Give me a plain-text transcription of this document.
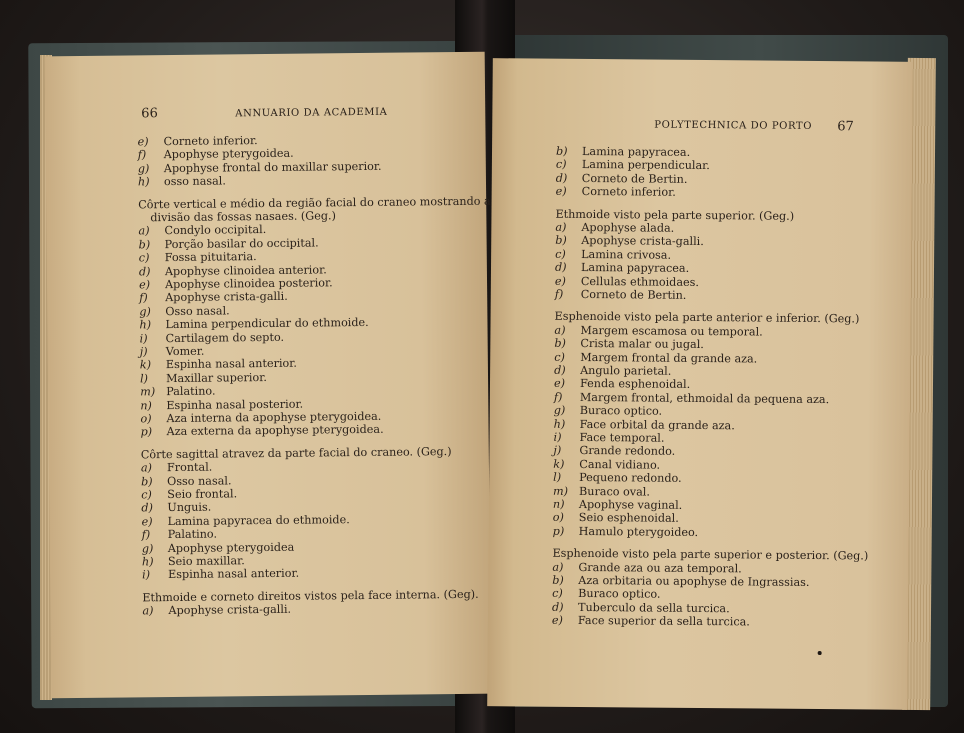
66	ANNUARIO DA ACADEMIA
e) Corneto inferior.
f) Apophyse pterygoidea.
g) Apophyse frontal do maxillar superior.
h) osso nasal.
Côrte vertical e médio da região facial do craneo mostrando a
divisão das fossas nasaes. (Geg.)
a) Condylo occipital.
b) Porção basilar do occipital.
c) Fossa pituitaria.
d) Apophyse clinoidea anterior.
e) Apophyse clinoidea posterior.
f) Apophyse crista-galli.
g) Osso nasal.
h) Lamina perpendicular do ethmoide.
i) Cartilagem do septo.
j) Vomer.
k) Espinha nasal anterior.
l) Maxillar superior.
m) Palatino.
n) Espinha nasal posterior.
o) Aza interna da apophyse pterygoidea.
p) Aza externa da apophyse pterygoidea.
Côrte sagittal atravez da parte facial do craneo. (Geg.)
a) Frontal.
b) Osso nasal.
c) Seio frontal.
d) Unguis.
e) Lamina papyracea do ethmoide.
f) Palatino.
g) Apophyse pterygoidea
h) Seio maxillar.
i) Espinha nasal anterior.
Ethmoide e corneto direitos vistos pela face interna. (Geg).
a) Apophyse crista-galli.
POLYTECHNICA DO PORTO 67
b) Lamina papyracea.
c) Lamina perpendicular.
d) Corneto de Bertin.
e) Corneto inferior.
Ethmoide visto pela parte superior. (Geg.)
a) Apophyse alada.
b) Apophyse crista-galli.
c) Lamina crivosa.
d) Lamina papyracea.
e) Cellulas ethmoidaes.
f) Corneto de Bertin.
Esphenoide visto pela parte anterior e inferior. (Geg.)
a) Margem escamosa ou temporal.
b) Crista malar ou jugal.
c) Margem frontal da grande aza.
d) Angulo parietal.
e) Fenda esphenoidal.
f) Margem frontal, ethmoidal da pequena aza.
g) Buraco optico.
h) Face orbital da grande aza.
i) Face temporal.
j) Grande redondo.
k) Canal vidiano.
l) Pequeno redondo.
m) Buraco oval.
n) Apophyse vaginal.
o) Seio esphenoidal.
p) Hamulo pterygoideo.
Esphenoide visto pela parte superior e posterior. (Geg.)
a) Grande aza ou aza temporal.
b) Aza orbitaria ou apophyse de Ingrassias.
c) Buraco optico.
d) Tuberculo da sella turcica.
e) Face superior da sella turcica.
